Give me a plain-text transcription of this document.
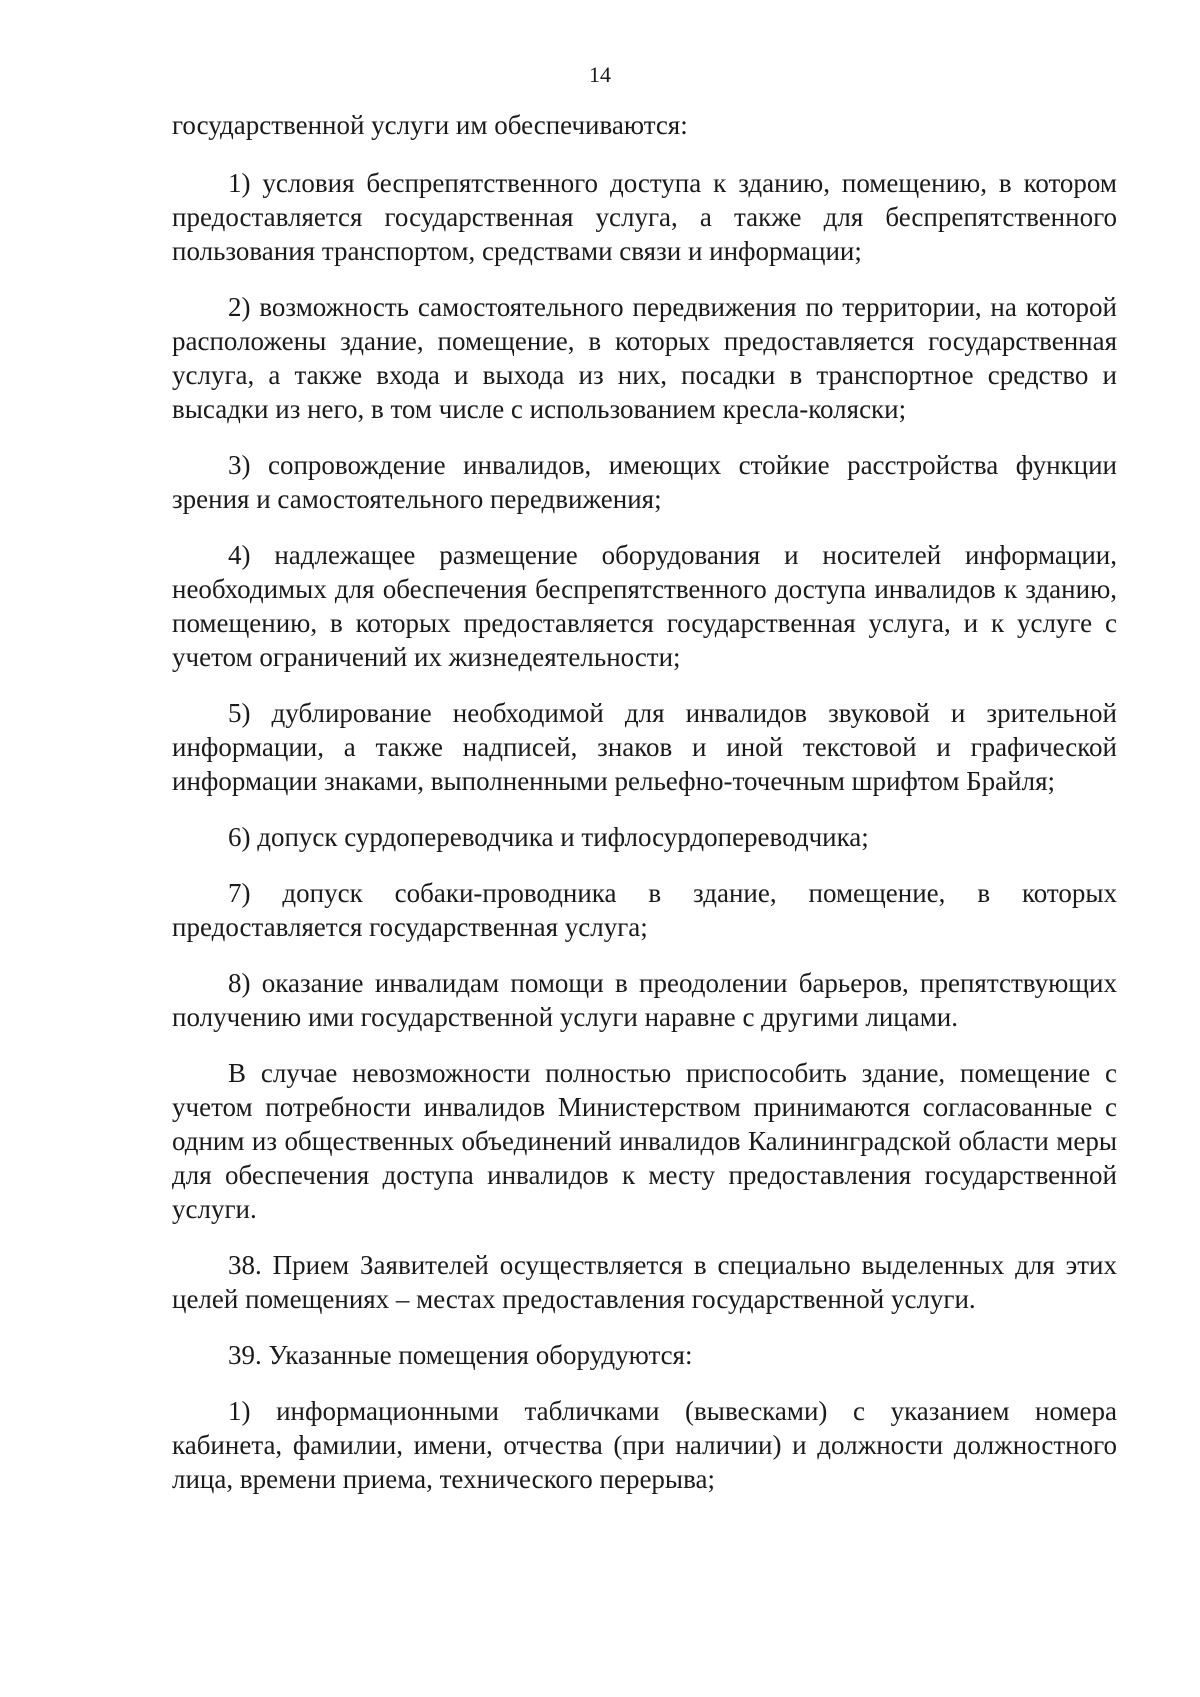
14

государственной услуги им обеспечиваются:

1) условия беспрепятственного доступа к зданию, помещению, в котором предоставляется государственная услуга, а также для беспрепятственного пользования транспортом, средствами связи и информации;

2) возможность самостоятельного передвижения по территории, на которой расположены здание, помещение, в которых предоставляется государственная услуга, а также входа и выхода из них, посадки в транспортное средство и высадки из него, в том числе с использованием кресла-коляски;

3) сопровождение инвалидов, имеющих стойкие расстройства функции зрения и самостоятельного передвижения;

4) надлежащее размещение оборудования и носителей информации, необходимых для обеспечения беспрепятственного доступа инвалидов к зданию, помещению, в которых предоставляется государственная услуга, и к услуге с учетом ограничений их жизнедеятельности;

5) дублирование необходимой для инвалидов звуковой и зрительной информации, а также надписей, знаков и иной текстовой и графической информации знаками, выполненными рельефно-точечным шрифтом Брайля;

6) допуск сурдопереводчика и тифлосурдопереводчика;

7) допуск собаки-проводника в здание, помещение, в которых предоставляется государственная услуга;

8) оказание инвалидам помощи в преодолении барьеров, препятствующих получению ими государственной услуги наравне с другими лицами.

В случае невозможности полностью приспособить здание, помещение с учетом потребности инвалидов Министерством принимаются согласованные с одним из общественных объединений инвалидов Калининградской области меры для обеспечения доступа инвалидов к месту предоставления государственной услуги.

38. Прием Заявителей осуществляется в специально выделенных для этих целей помещениях – местах предоставления государственной услуги.

39. Указанные помещения оборудуются:

1) информационными табличками (вывесками) с указанием номера кабинета, фамилии, имени, отчества (при наличии) и должности должностного лица, времени приема, технического перерыва;
